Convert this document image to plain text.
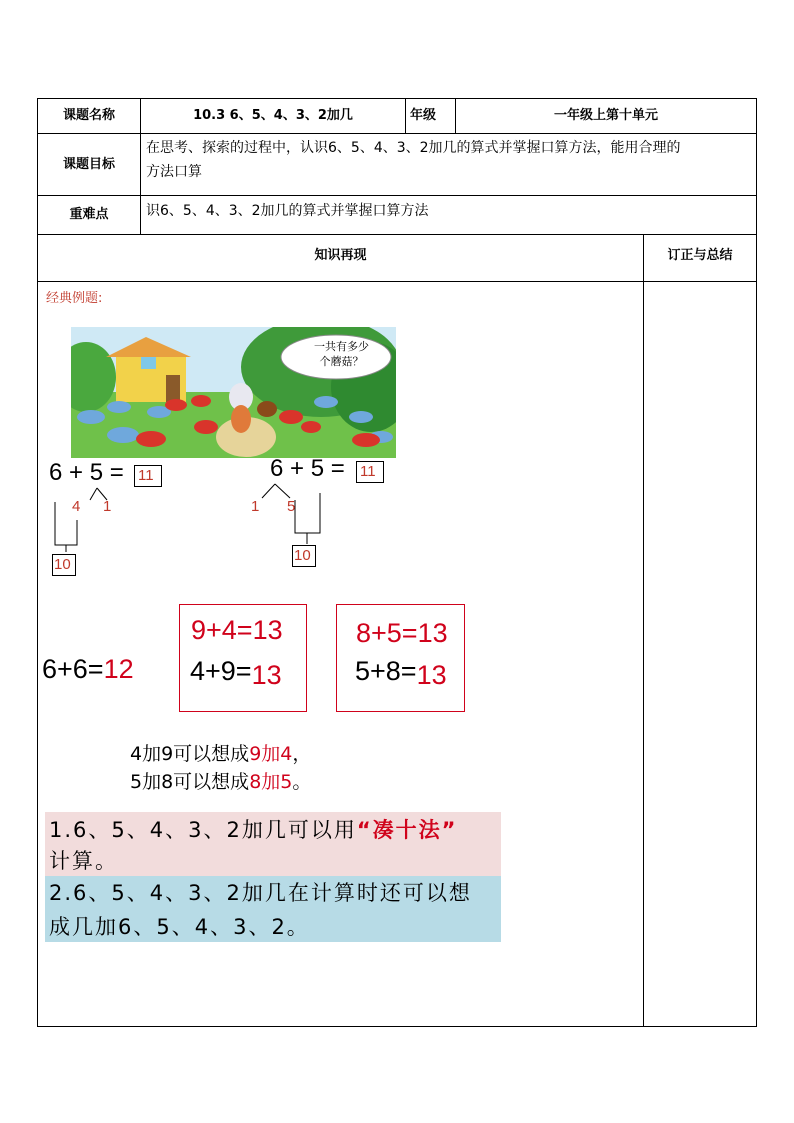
课题名称	10.3 6、5、4、3、2加几	年级	一年级上第十单元
课题目标
在思考、探索的过程中，认识6、5、4、3、2加几的算式并掌握口算方法，能用合理的
方法口算
重难点	识6、5、4、3、2加几的算式并掌握口算方法
知识再现	订正与总结
经典例题:
一共有多少
个蘑菇？
6 + 5 = 11
4 1
10
6 + 5 = 11
1 5
10
6+6=12
9+4=13
4+9=13
8+5=13
5+8=13
4加9可以想成9加4，
5加8可以想成8加5。
1.6、5、4、3、2加几可以用“凑十法”
计算。
2.6、5、4、3、2加几在计算时还可以想
成几加6、5、4、3、2。
